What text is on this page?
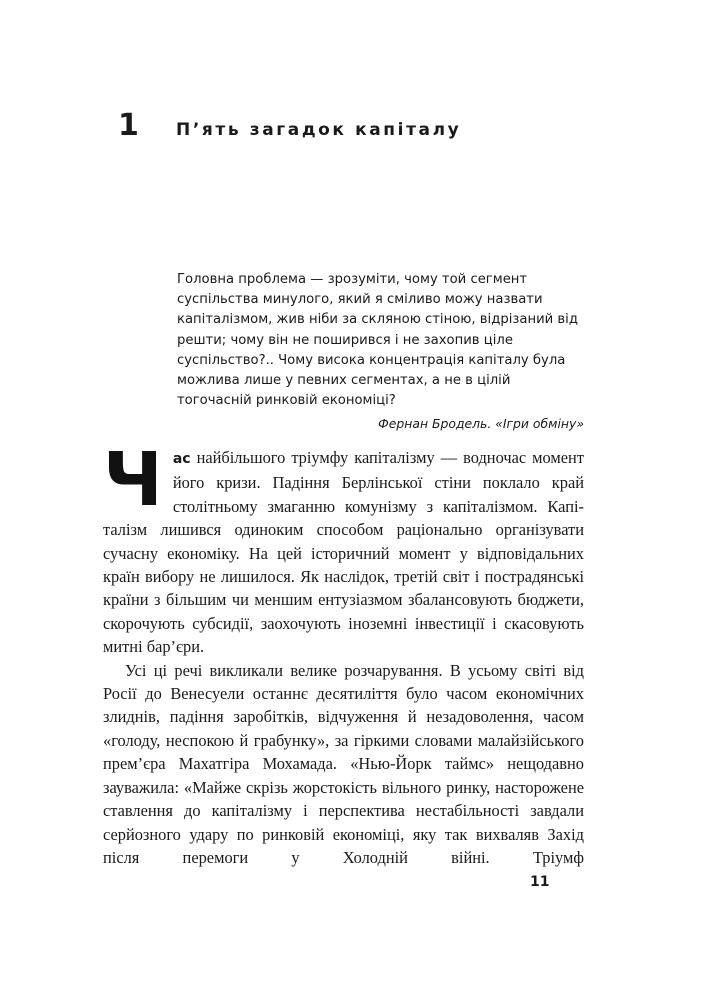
1	П’ять загадок капіталу

Головна проблема — зрозуміти, чому той сегмент суспільства минулого, який я сміливо можу назвати капіталізмом, жив ніби за скляною стіною, відрізаний від решти; чому він не поширився і не захопив ціле суспільство?.. Чому висока концентрація капіталу була можлива лише у певних сегментах, а не в цілій тогочасній ринковій економіці?

Фернан Бродель. «Ігри обміну»

Час найбільшого тріумфу капіталізму — водночас момент його кризи. Падіння Берлінської стіни поклало край столітньому змаганню комунізму з капіталізмом. Капіталізм лишився одиноким способом раціонально організувати сучасну економіку. На цей історичний момент у відповідальних країн вибору не лишилося. Як наслідок, третій світ і пострадянські країни з більшим чи меншим ентузіазмом збалансовують бюджети, скорочують субсидії, заохочують іноземні інвестиції і скасовують митні бар’єри.

Усі ці речі викликали велике розчарування. В усьому світі від Росії до Венесуели останнє десятиліття було часом економічних злиднів, падіння заробітків, відчуження й незадоволення, часом «голоду, неспокою й грабунку», за гіркими словами малайзійського прем’єра Махатгіра Мохамада. «Нью-Йорк таймс» нещодавно зауважила: «Майже скрізь жорстокість вільного ринку, насторожене ставлення до капіталізму і перспектива нестабільності завдали серйозного удару по ринковій економіці, яку так вихваляв Захід після перемоги у Холодній війні. Тріумф

11
